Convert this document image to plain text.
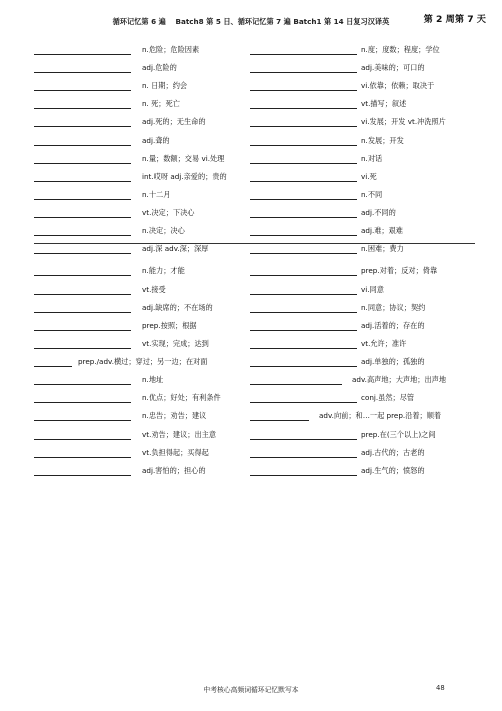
第 2 周第 7 天
循环记忆第 6 遍　 Batch8 第 5 日、循环记忆第 7 遍 Batch1 第 14 日复习汉译英
n.危险；危险因素	n.度；度数；程度；学位
adj.危险的	adj.美味的；可口的
n. 日期；约会	vi.依靠；依赖；取决于
n. 死；死亡	vt.描写；叙述
adj.死的；无生命的	vi.发展；开发 vt.冲洗照片
adj.聋的	n.发展；开发
n.量；数额；交易 vi.处理	n.对话
int.哎呀 adj.亲爱的；贵的	vi.死
n.十二月	n.不同
vt.决定；下决心	adj.不同的
n.决定；决心	adj.难；艰难
adj.深 adv.深；深厚	n.困难；费力
n.能力；才能	prep.对着；反对；倚靠
vt.接受	vi.同意
adj.缺席的；不在场的	n.同意；协议；契约
prep.按照；根据	adj.活着的；存在的
vt.实现；完成；达到	vt.允许；准许
prep./adv.横过；穿过；另一边；在对面	adj.单独的；孤独的
n.地址	adv.高声地；大声地；出声地
n.优点；好处；有利条件	conj.虽然；尽管
n.忠告；劝告；建议	adv.向前；和…一起 prep.沿着；顺着
vt.劝告；建议；出主意	prep.在(三个以上)之间
vt.负担得起；买得起	adj.古代的；古老的
adj.害怕的；担心的	adj.生气的；愤怒的
中考核心高频词循环记忆默写本	48
